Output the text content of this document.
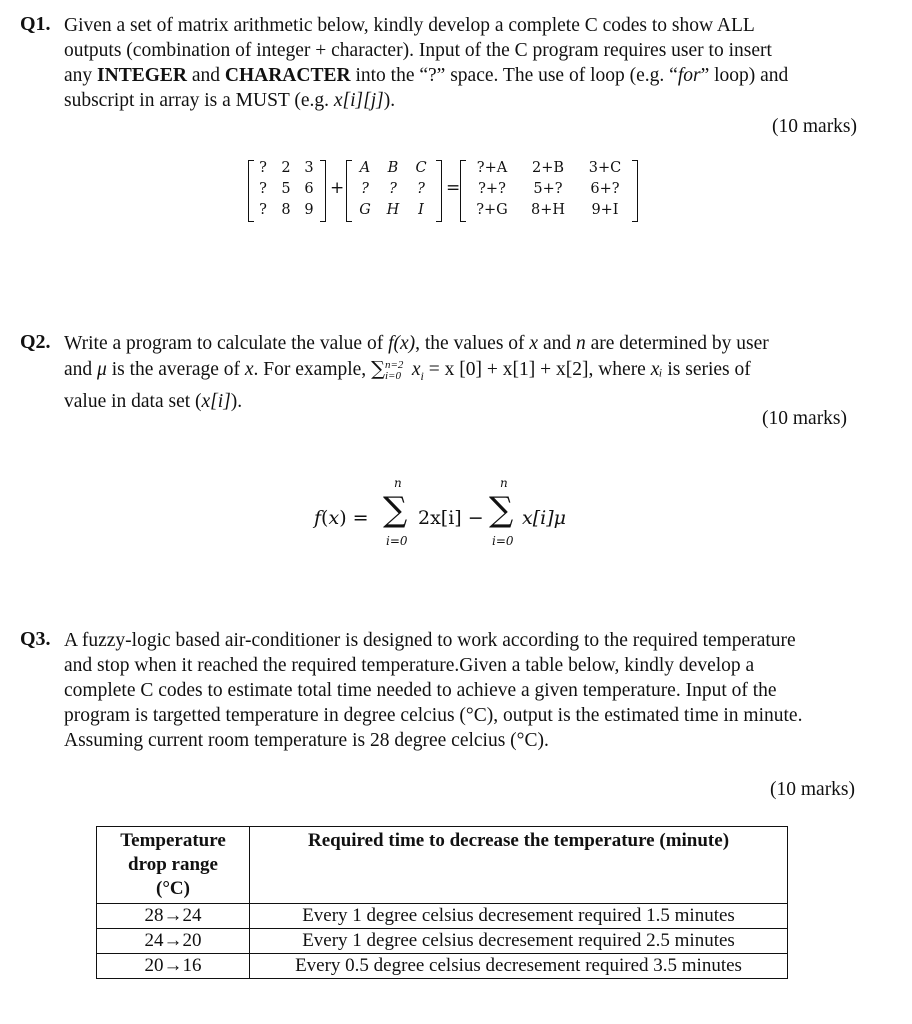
Q1. Given a set of matrix arithmetic below, kindly develop a complete C codes to show ALL
outputs (combination of integer + character). Input of the C program requires user to insert
any INTEGER and CHARACTER into the “?” space. The use of loop (e.g. “for” loop) and
subscript in array is a MUST (e.g. x[i][j]).
(10 marks)
? 2 3
? 5 6
? 8 9
+
A	B	C
?	?	?
G	H	I
=
?+A	2+B	3+C
?+?	5+?	6+?
?+G	8+H	9+I
Q2. Write a program to calculate the value of f(x), the values of x and n are determined by user
and μ is the average of x. For example, ∑ n=2
i=0 $x_i = x$ [0] + x[1] + x[2], where xᵢ is series of
value in data set (x[i]).
(10 marks)
f(x) =
n
∑
i=0
2x[i] −
n
∑
i=0
x[i]μ
Q3. A fuzzy-logic based air-conditioner is designed to work according to the required temperature
and stop when it reached the required temperature.Given a table below, kindly develop a
complete C codes to estimate total time needed to achieve a given temperature. Input of the
program is targetted temperature in degree celcius (°C), output is the estimated time in minute.
Assuming current room temperature is 28 degree celcius (°C).
(10 marks)
Temperature
drop range
(°C)	Required time to decrease the temperature (minute)
28→24	Every 1 degree celsius decresement required 1.5 minutes
24→20	Every 1 degree celsius decresement required 2.5 minutes
20→16	Every 0.5 degree celsius decresement required 3.5 minutes
